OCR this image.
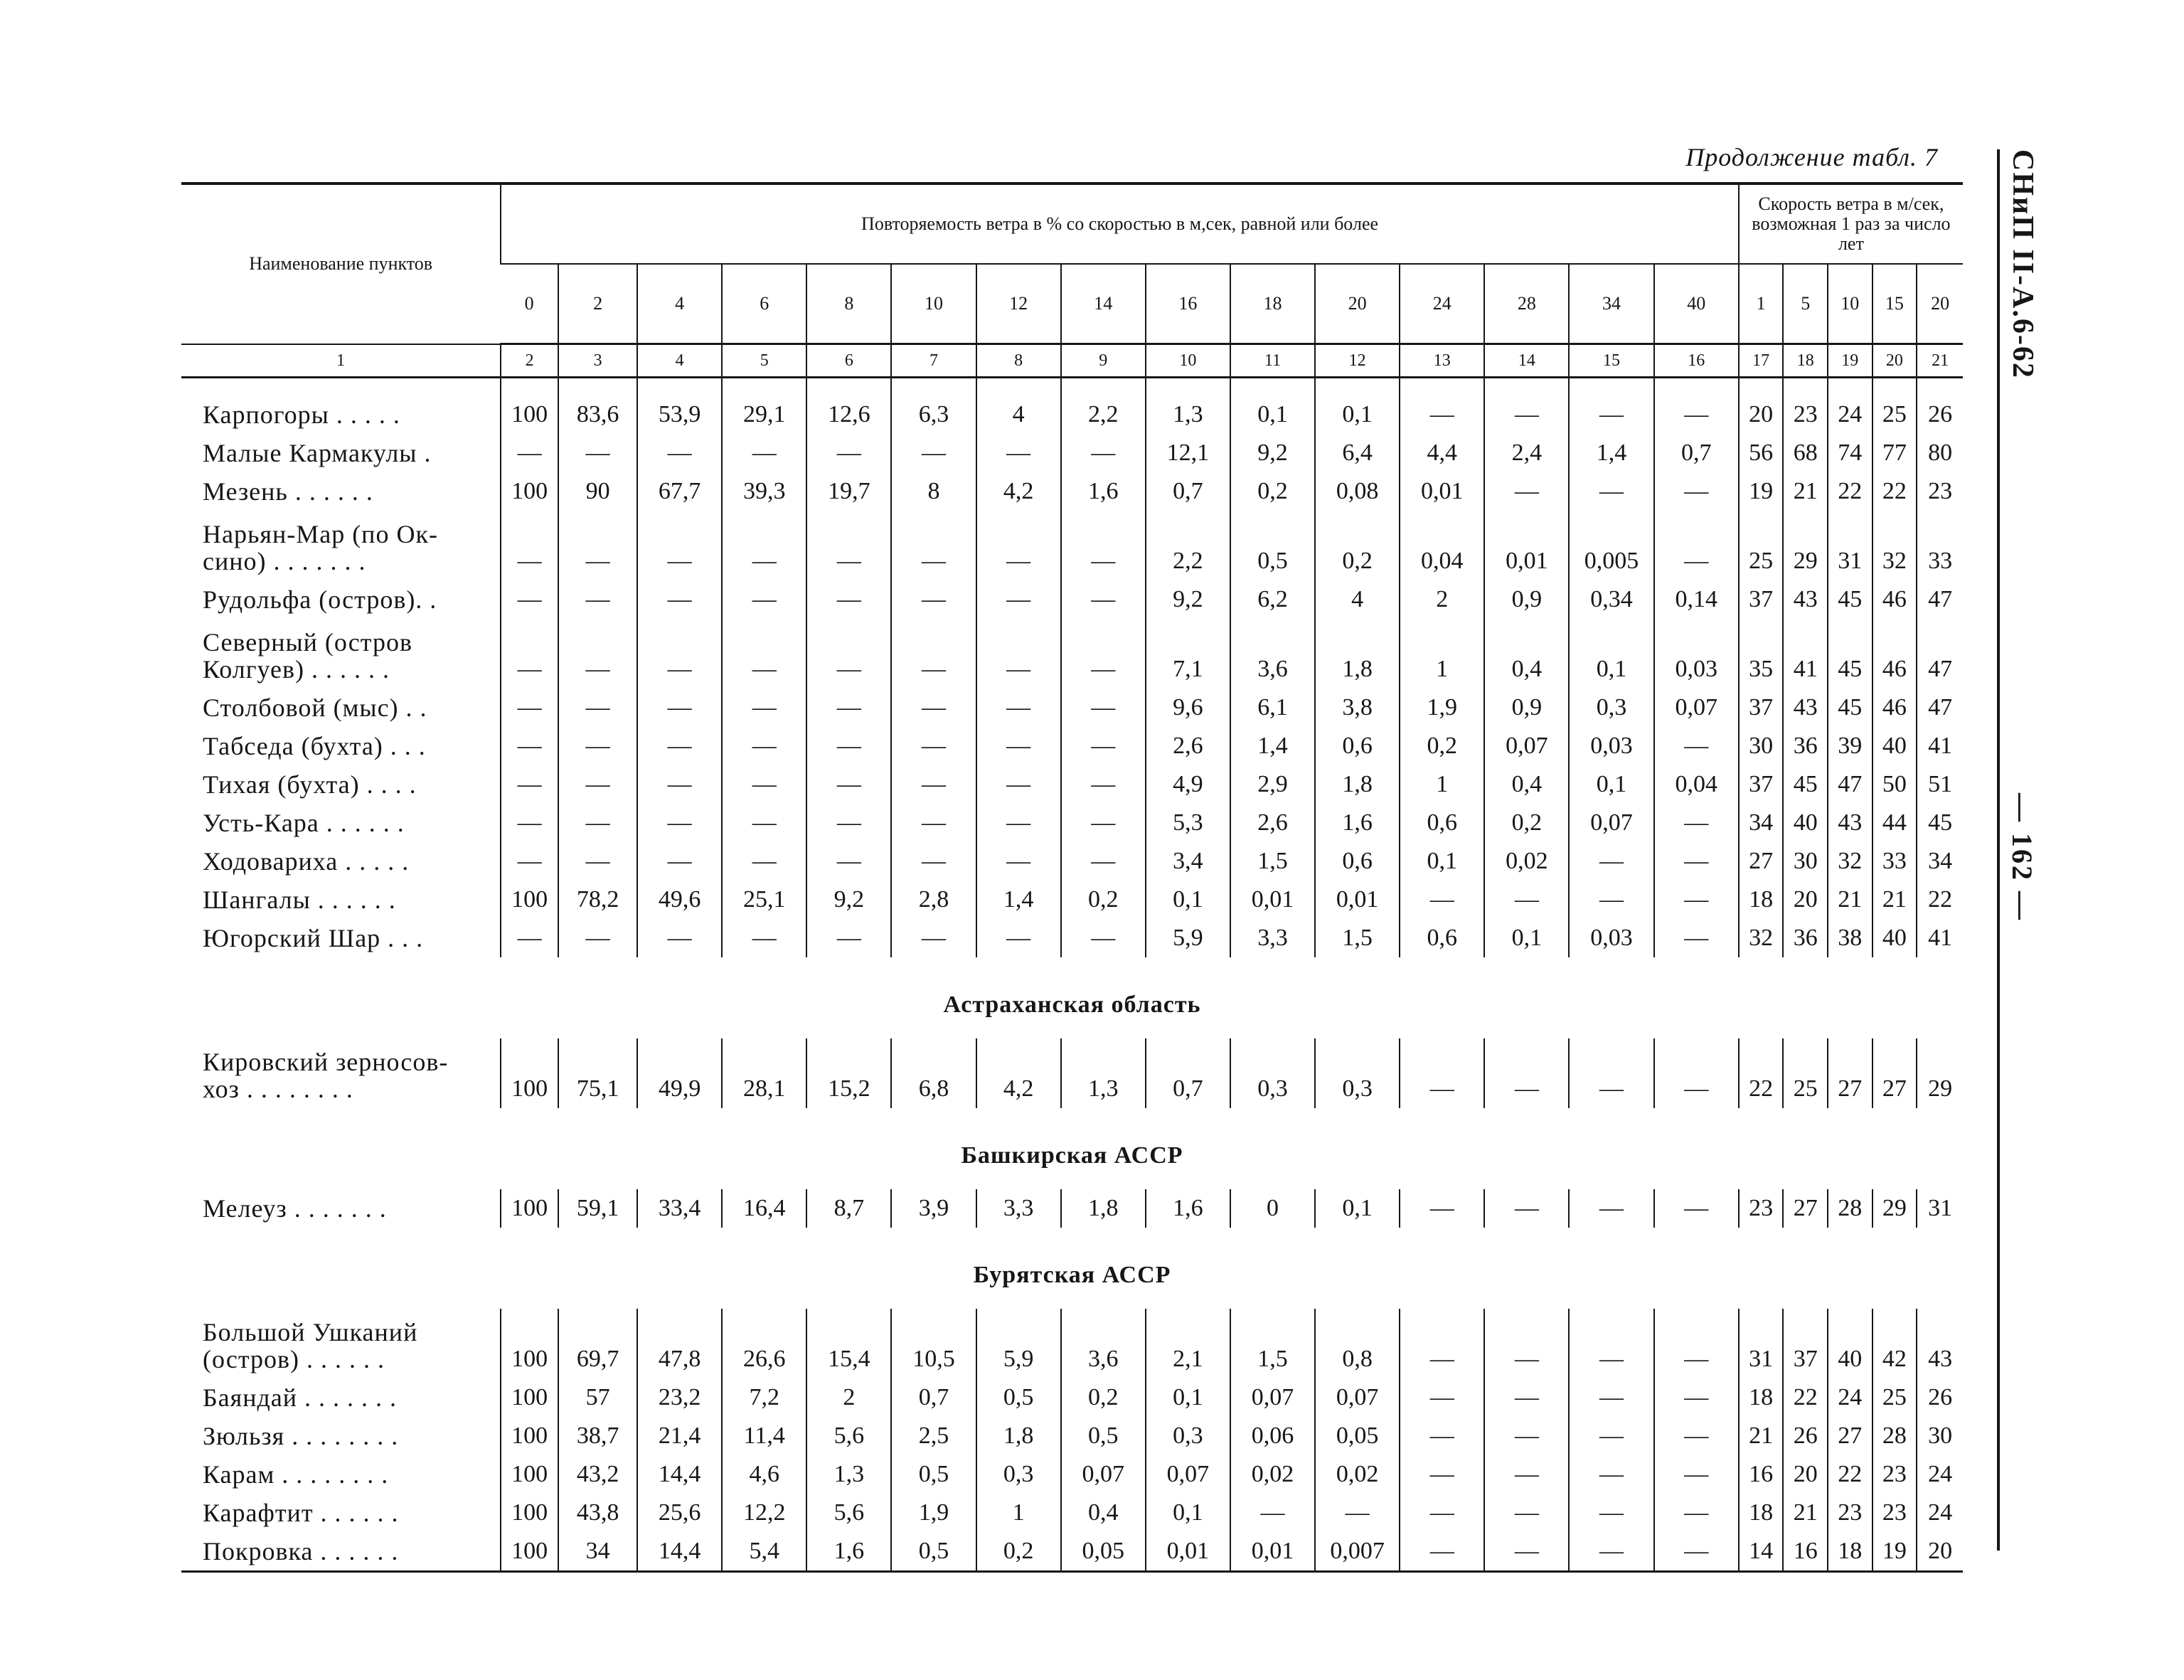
Продолжение табл. 7 СНиП II-А.6-62
— 162 —
Наименование пунктов	Повторяемость ветра в % со скоростью в м,сек, равной или более															Скорость ветра в м/сек, возможная 1 раз за число лет				
	0	2	4	6	8	10	12	14	16	18	20	24	28	34	40	1	5	10	15	20
1	2	3	4	5	6	7	8	9	10	11	12	13	14	15	16	17	18	19	20	21
Карпогоры . . . . .	100	83,6	53,9	29,1	12,6	6,3	4	2,2	1,3	0,1	0,1	—	—	—	—	20	23	24	25	26
Малые Кармакулы .	—	—	—	—	—	—	—	—	12,1	9,2	6,4	4,4	2,4	1,4	0,7	56	68	74	77	80
Мезень . . . . . .	100	90	67,7	39,3	19,7	8	4,2	1,6	0,7	0,2	0,08	0,01	—	—	—	19	21	22	22	23
Нарьян-Мар (по Ок-
сино) . . . . . . .	—	—	—	—	—	—	—	—	2,2	0,5	0,2	0,04	0,01	0,005	—	25	29	31	32	33
Рудольфа (остров). .	—	—	—	—	—	—	—	—	9,2	6,2	4	2	0,9	0,34	0,14	37	43	45	46	47
Северный (остров
Колгуев) . . . . . .	—	—	—	—	—	—	—	—	7,1	3,6	1,8	1	0,4	0,1	0,03	35	41	45	46	47
Столбовой (мыс) . .	—	—	—	—	—	—	—	—	9,6	6,1	3,8	1,9	0,9	0,3	0,07	37	43	45	46	47
Табседа (бухта) . . .	—	—	—	—	—	—	—	—	2,6	1,4	0,6	0,2	0,07	0,03	—	30	36	39	40	41
Тихая (бухта) . . . .	—	—	—	—	—	—	—	—	4,9	2,9	1,8	1	0,4	0,1	0,04	37	45	47	50	51
Усть-Кара . . . . . .	—	—	—	—	—	—	—	—	5,3	2,6	1,6	0,6	0,2	0,07	—	34	40	43	44	45
Ходовариха . . . . .	—	—	—	—	—	—	—	—	3,4	1,5	0,6	0,1	0,02	—	—	27	30	32	33	34
Шангалы . . . . . .	100	78,2	49,6	25,1	9,2	2,8	1,4	0,2	0,1	0,01	0,01	—	—	—	—	18	20	21	21	22
Югорский Шар . . .	—	—	—	—	—	—	—	—	5,9	3,3	1,5	0,6	0,1	0,03	—	32	36	38	40	41
Астраханская область																				

Кировский зерносов-
хоз . . . . . . . .	100	75,1	49,9	28,1	15,2	6,8	4,2	1,3	0,7	0,3	0,3	—	—	—	—	22	25	27	27	29
Башкирская АССР																				

Мелеуз . . . . . . .	100	59,1	33,4	16,4	8,7	3,9	3,3	1,8	1,6	0	0,1	—	—	—	—	23	27	28	29	31
Бурятская АССР																				

Большой Ушканий
(остров) . . . . . .	100	69,7	47,8	26,6	15,4	10,5	5,9	3,6	2,1	1,5	0,8	—	—	—	—	31	37	40	42	43
Баяндай . . . . . . .	100	57	23,2	7,2	2	0,7	0,5	0,2	0,1	0,07	0,07	—	—	—	—	18	22	24	25	26
Зюльзя . . . . . . . .	100	38,7	21,4	11,4	5,6	2,5	1,8	0,5	0,3	0,06	0,05	—	—	—	—	21	26	27	28	30
Карам . . . . . . . .	100	43,2	14,4	4,6	1,3	0,5	0,3	0,07	0,07	0,02	0,02	—	—	—	—	16	20	22	23	24
Карафтит . . . . . .	100	43,8	25,6	12,2	5,6	1,9	1	0,4	0,1	—	—	—	—	—	—	18	21	23	23	24
Покровка . . . . . .	100	34	14,4	5,4	1,6	0,5	0,2	0,05	0,01	0,01	0,007	—	—	—	—	14	16	18	19	20
